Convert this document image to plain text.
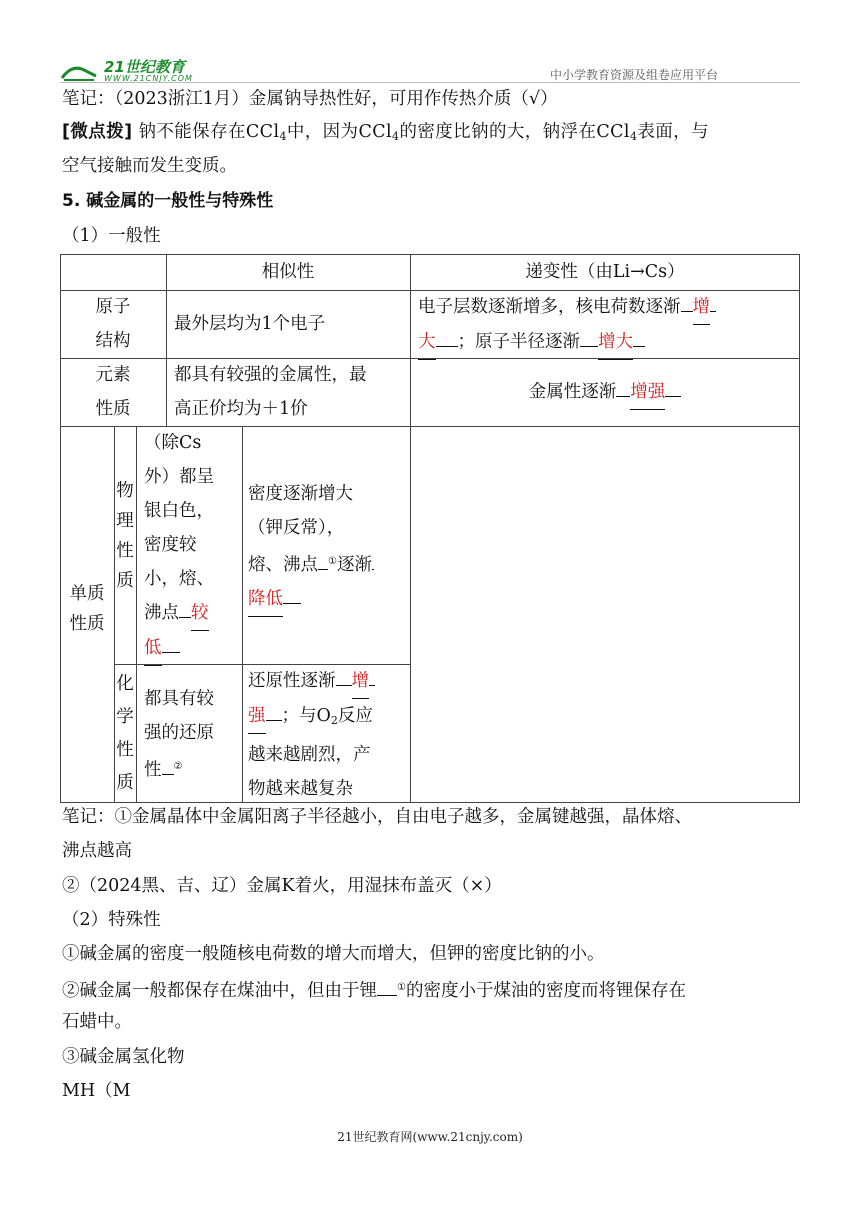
21世纪教育
WWW.21CNJY.COM	中小学教育资源及组卷应用平台
笔记：（2023浙江1月）金属钠导热性好，可用作传热介质（√）
[微点拨] 钠不能保存在CCl$_4$中，因为CCl$_4$的密度比钠的大，钠浮在CCl$_4$表面，与
空气接触而发生变质。
5. 碱金属的一般性与特殊性
（1）一般性
相似性	递变性（由Li→Cs）
原子
结构
最外层均为1个电子
电子层数逐渐增多，核电荷数逐渐 增
大 ；原子半径逐渐 增大
元素
性质
都具有较强的金属性，最
高正价均为＋1价
金属性逐渐 增强
单质
性质
物
理
性
质
（除Cs
外）都呈
银白色，
密度较
小，熔、
沸点 较
低
密度逐渐增大
（钾反常），
熔、沸点 ①逐渐
降低
化
学
性
质
都具有较
强的还原
性 ②
还原性逐渐 增
强 ；与$O_2$反应
越来越剧烈，产
物越来越复杂
笔记：①金属晶体中金属阳离子半径越小，自由电子越多，金属键越强，晶体熔、
沸点越高
②（2024黑、吉、辽）金属K着火，用湿抹布盖灭（×）
（2）特殊性
①碱金属的密度一般随核电荷数的增大而增大，但钾的密度比钠的小。
②碱金属一般都保存在煤油中，但由于锂 ①的密度小于煤油的密度而将锂保存在
石蜡中。
③碱金属氢化物
MH（M
21世纪教育网(www.21cnjy.com)
